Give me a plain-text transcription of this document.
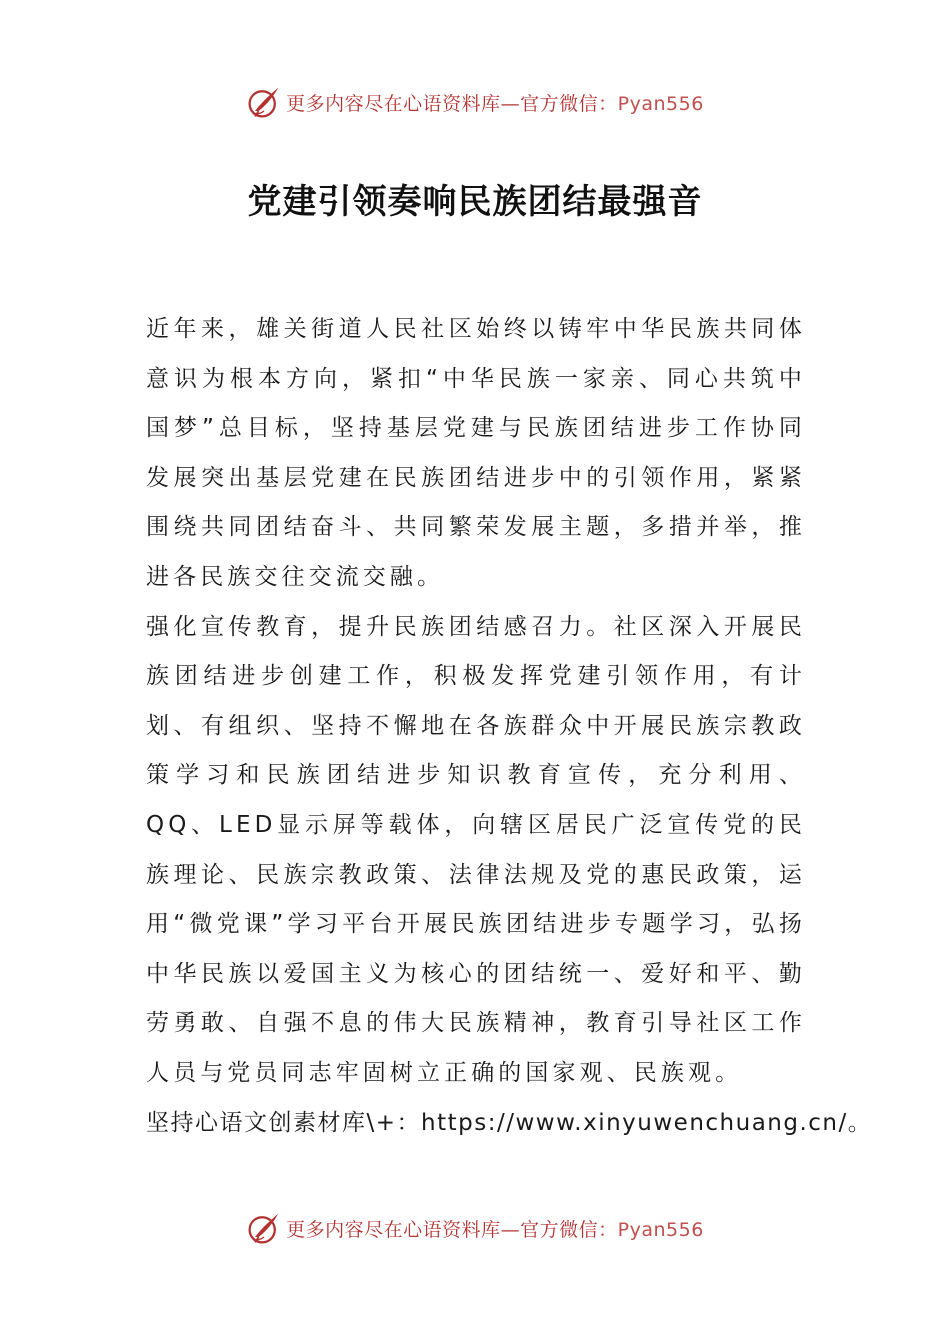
更多内容尽在心语资料库—官方微信：Pyan556
党建引领奏响民族团结最强音

近年来，雄关街道人民社区始终以铸牢中华民族共同体意识为根本方向，紧扣“中华民族一家亲、同心共筑中国梦”总目标，坚持基层党建与民族团结进步工作协同发展突出基层党建在民族团结进步中的引领作用，紧紧围绕共同团结奋斗、共同繁荣发展主题，多措并举，推进各民族交往交流交融。

强化宣传教育，提升民族团结感召力。社区深入开展民族团结进步创建工作，积极发挥党建引领作用，有计划、有组织、坚持不懈地在各族群众中开展民族宗教政策学习和民族团结进步知识教育宣传，充分利用、QQ、LED显示屏等载体，向辖区居民广泛宣传党的民族理论、民族宗教政策、法律法规及党的惠民政策，运用“微党课”学习平台开展民族团结进步专题学习，弘扬中华民族以爱国主义为核心的团结统一、爱好和平、勤劳勇敢、自强不息的伟大民族精神，教育引导社区工作人员与党员同志牢固树立正确的国家观、民族观。

坚持心语文创素材库\+：https://www.xinyuwenchuang.cn/。

更多内容尽在心语资料库—官方微信：Pyan556
